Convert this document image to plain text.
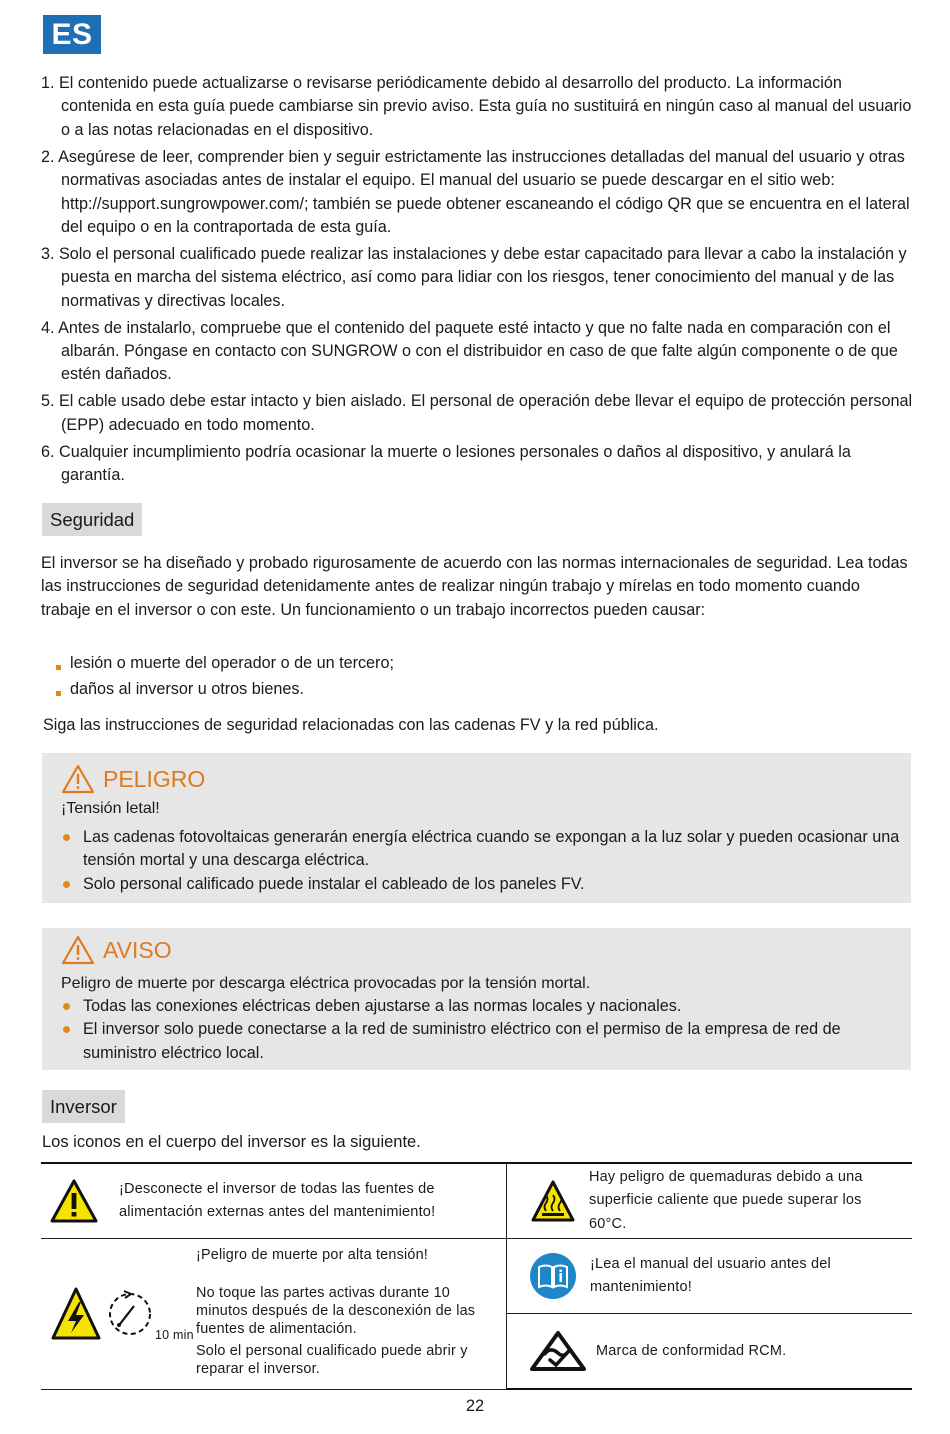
ES
1. El contenido puede actualizarse o revisarse periódicamente debido al desarrollo del producto. La información contenida en esta guía puede cambiarse sin previo aviso. Esta guía no sustituirá en ningún caso al manual del usuario o a las notas relacionadas en el dispositivo.
2. Asegúrese de leer, comprender bien y seguir estrictamente las instrucciones detalladas del manual del usuario y otras normativas asociadas antes de instalar el equipo. El manual del usuario se puede descargar en el sitio web: http://support.sungrowpower.com/; también se puede obtener escaneando el código QR que se encuentra en el lateral del equipo o en la contraportada de esta guía.
3. Solo el personal cualificado puede realizar las instalaciones y debe estar capacitado para llevar a cabo la instalación y puesta en marcha del sistema eléctrico, así como para lidiar con los riesgos, tener conocimiento del manual y de las normativas y directivas locales.
4. Antes de instalarlo, compruebe que el contenido del paquete esté intacto y que no falte nada en comparación con el albarán. Póngase en contacto con SUNGROW o con el distribuidor en caso de que falte algún componente o de que estén dañados.
5. El cable usado debe estar intacto y bien aislado. El personal de operación debe llevar el equipo de protección personal (EPP) adecuado en todo momento.
6. Cualquier incumplimiento podría ocasionar la muerte o lesiones personales o daños al dispositivo, y anulará la garantía.
Seguridad

El inversor se ha diseñado y probado rigurosamente de acuerdo con las normas internacionales de seguridad. Lea todas las instrucciones de seguridad detenidamente antes de realizar ningún trabajo y mírelas en todo momento cuando trabaje en el inversor o con este. Un funcionamiento o un trabajo incorrectos pueden causar:

lesión o muerte del operador o de un tercero;
daños al inversor u otros bienes.

Siga las instrucciones de seguridad relacionadas con las cadenas FV y la red pública.

PELIGRO
¡Tensión letal!
Las cadenas fotovoltaicas generarán energía eléctrica cuando se expongan a la luz solar y pueden ocasionar una tensión mortal y una descarga eléctrica.
Solo personal calificado puede instalar el cableado de los paneles FV.
AVISO
Peligro de muerte por descarga eléctrica provocadas por la tensión mortal.
Todas las conexiones eléctricas deben ajustarse a las normas locales y nacionales.
El inversor solo puede conectarse a la red de suministro eléctrico con el permiso de la empresa de red de suministro eléctrico local.
Inversor

Los iconos en el cuerpo del inversor es la siguiente.

¡Desconecte el inversor de todas las fuentes de alimentación externas antes del mantenimiento!	Hay peligro de quemaduras debido a una superficie caliente que puede superar los 60°C.

10 min
¡Peligro de muerte por alta tensión!
No toque las partes activas durante 10 minutos después de la desconexión de las fuentes de alimentación.
Solo el personal cualificado puede abrir y reparar el inversor.	¡Lea el manual del usuario antes del mantenimiento!

	Marca de conformidad RCM.
22
